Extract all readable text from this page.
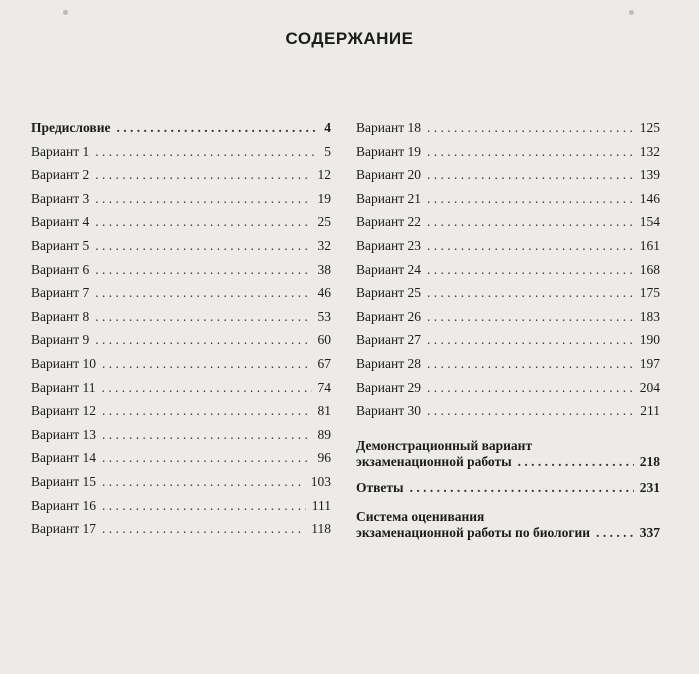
СОДЕРЖАНИЕ
Предисловие . . .	4
Вариант 1 . . .	5
Вариант 2 . . .	12
Вариант 3 . . .	19
Вариант 4 . . .	25
Вариант 5 . . .	32
Вариант 6 . . .	38
Вариант 7 . . .	46
Вариант 8 . . .	53
Вариант 9 . . .	60
Вариант 10 . . .	67
Вариант 11 . . .	74
Вариант 12 . . .	81
Вариант 13 . . .	89
Вариант 14 . . .	96
Вариант 15 . . .	103
Вариант 16 . . .	111
Вариант 17 . . .	118
Вариант 18 . . .	125
Вариант 19 . . .	132
Вариант 20 . . .	139
Вариант 21 . . .	146
Вариант 22 . . .	154
Вариант 23 . . .	161
Вариант 24 . . .	168
Вариант 25 . . .	175
Вариант 26 . . .	183
Вариант 27 . . .	190
Вариант 28 . . .	197
Вариант 29 . . .	204
Вариант 30 . . .	211
Демонстрационный вариант
экзаменационной работы . . .	218
Ответы . . .	231
Система оценивания
экзаменационной работы по биологии . . .	337
